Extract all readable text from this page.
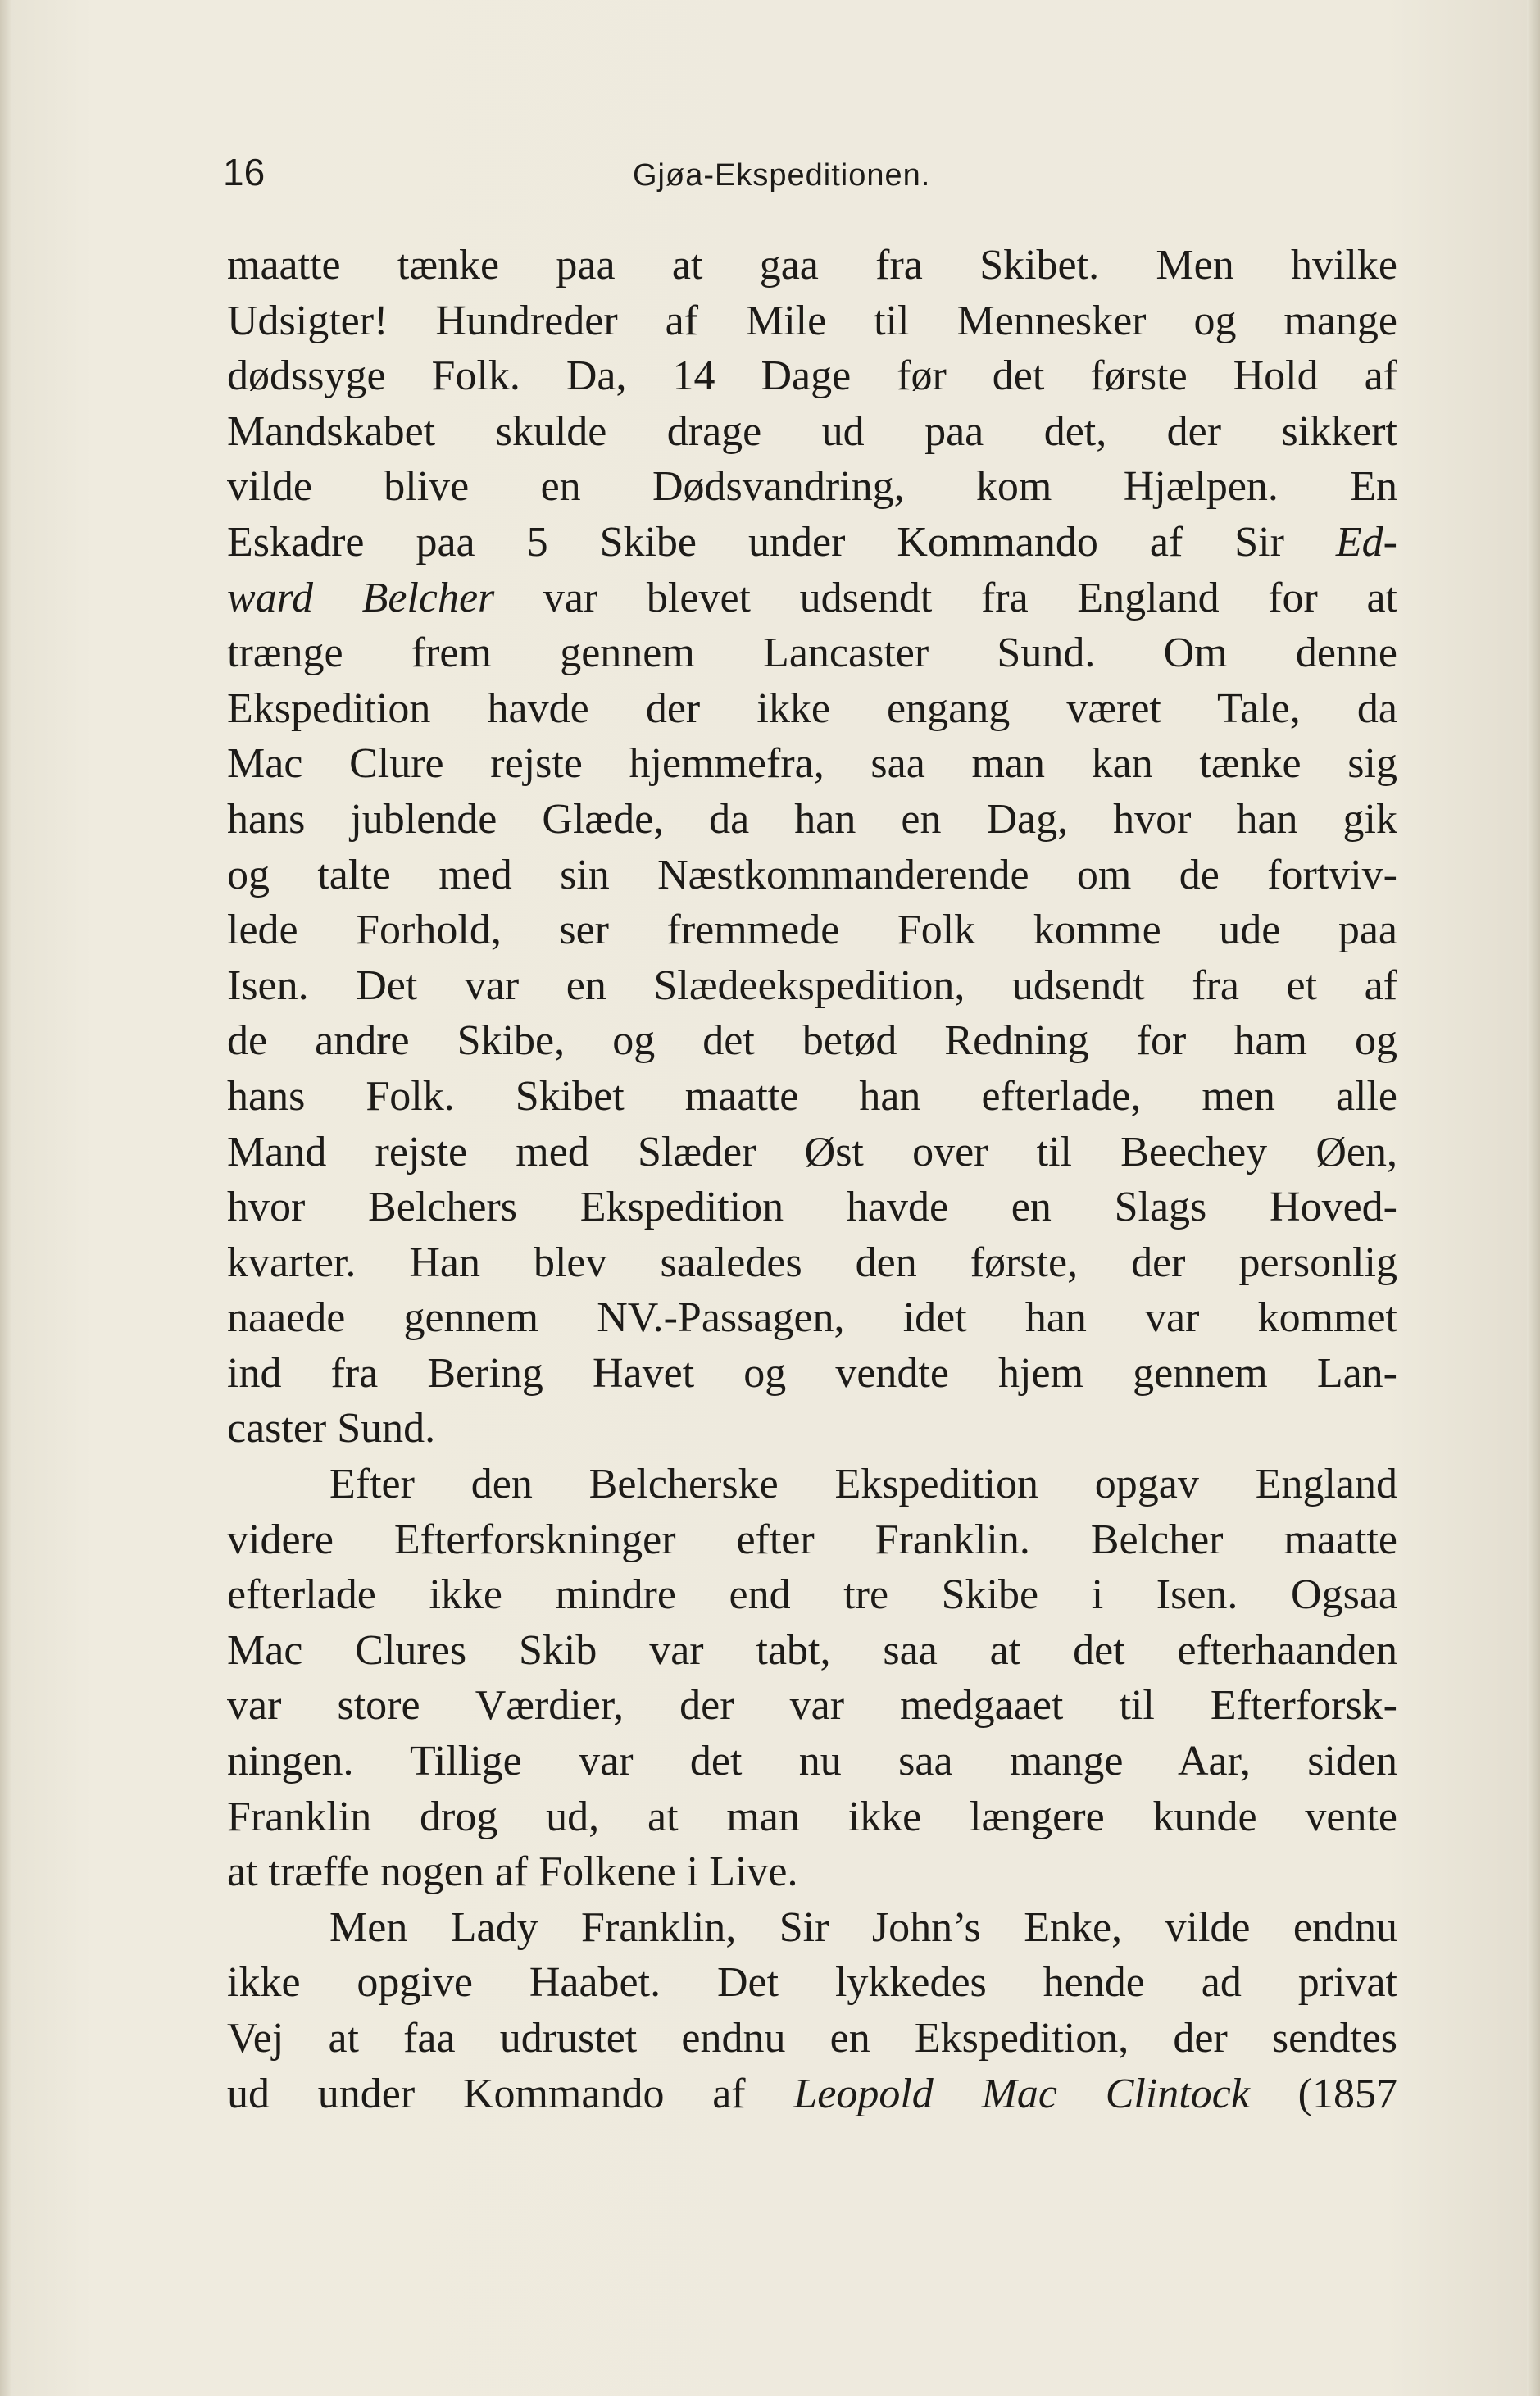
16	Gjøa-Ekspeditionen.
maatte tænke paa at gaa fra Skibet. Men hvilke
Udsigter! Hundreder af Mile til Mennesker og mange
dødssyge Folk. Da, 14 Dage før det første Hold af
Mandskabet skulde drage ud paa det, der sikkert
vilde blive en Dødsvandring, kom Hjælpen. En
Eskadre paa 5 Skibe under Kommando af Sir Ed-
ward Belcher var blevet udsendt fra England for at
trænge frem gennem Lancaster Sund. Om denne
Ekspedition havde der ikke engang været Tale, da
Mac Clure rejste hjemmefra, saa man kan tænke sig
hans jublende Glæde, da han en Dag, hvor han gik
og talte med sin Næstkommanderende om de fortviv-
lede Forhold, ser fremmede Folk komme ude paa
Isen. Det var en Slædeekspedition, udsendt fra et af
de andre Skibe, og det betød Redning for ham og
hans Folk. Skibet maatte han efterlade, men alle
Mand rejste med Slæder Øst over til Beechey Øen,
hvor Belchers Ekspedition havde en Slags Hoved-
kvarter. Han blev saaledes den første, der personlig
naaede gennem NV.-Passagen, idet han var kommet
ind fra Bering Havet og vendte hjem gennem Lan-
caster Sund.
Efter den Belcherske Ekspedition opgav England
videre Efterforskninger efter Franklin. Belcher maatte
efterlade ikke mindre end tre Skibe i Isen. Ogsaa
Mac Clures Skib var tabt, saa at det efterhaanden
var store Værdier, der var medgaaet til Efterforsk-
ningen. Tillige var det nu saa mange Aar, siden
Franklin drog ud, at man ikke længere kunde vente
at træffe nogen af Folkene i Live.
Men Lady Franklin, Sir John’s Enke, vilde endnu
ikke opgive Haabet. Det lykkedes hende ad privat
Vej at faa udrustet endnu en Ekspedition, der sendtes
ud under Kommando af Leopold Mac Clintock (1857
